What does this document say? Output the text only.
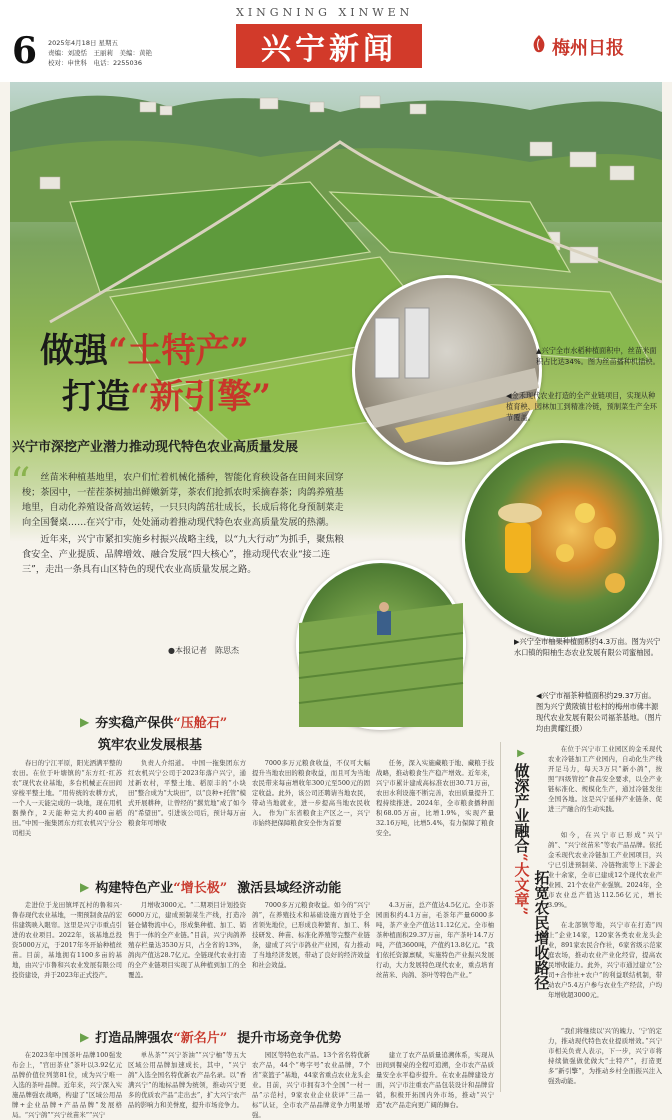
XINGNING XINWEN
6 2025年4月18日 星期五
责编：刘凌恬　王丽莉　美编：黄艳
校对：申世科　电话：2255036	兴宁新闻	梅州日报
做强“土特产”
打造“新引擎”
兴宁市深挖产业潜力推动现代特色农业高质量发展
“	丝苗米种植基地里，农户们忙着机械化播种，智能化育秧设备在田间来回穿梭；茶园中，一茬茬茶树抽出鲜嫩新芽，茶农们抢抓农时采摘春茶；肉鸽养殖基地里，自动化养殖设备高效运转，一只只肉鸽茁壮成长，长成后将化身预制菜走向全国餐桌……在兴宁市，处处涌动着推动现代特色农业高质量发展的热潮。

近年来，兴宁市紧扣实施乡村振兴战略主线，以“九大行动”为抓手，聚焦粮食安全、产业提质、品牌增效、融合发展“四大核心”，推动现代农业“接二连三”，走出一条具有山区特色的现代农业高质量发展之路。

●本报记者　陈思杰
▲兴宁全市水稻种植面积中，丝苗米面积占比达34%。图为丝苗播种机插秧。
◀金禾现代农业打造的全产业链项目，实现从种植育秧、园林加工到精准冷链，预制菜生产全环节覆盖。
▶兴宁全市柚果种植面积约4.3万亩。图为兴宁水口镇的阳柚生态农业发展有限公司蜜柚园。
◀兴宁市福茶种植面积约29.37万亩。图为兴宁黄陂镇甘松村的梅州市佛丰源现代农业发展有限公司福茶基地。（图片均由黄耀红摄）
▶ 夯实稳产保供 “压舱石”
筑牢农业发展根基

春日的宁江平原，阳光洒满平整的农田。在位于叶塘镇的“东方红·红苏农”现代农业基地，多台机械正在田间穿梭平整土地。“用传统的农耕方式，一个人一天能完成的一块地，现在用机器操作，2天能种完大约400亩稻田。”中国一拖集团东方红农机兴宁分公司相关

负责人介绍道。　中国一拖集团东方红农机兴宁公司于2023年落户兴宁，通过新农村，平整土地、稻原丰的“小块田”整合成为“大块田”，以“良种+托管”模式开展耕种，让曾经的“撂荒地”成了如今的“希望田”。引进该公司后，预计每万亩粮食年可增收

7000多万元粮食收益，不仅可大幅提升当地农田的粮食收益，而且可为当地农民带来每亩增收年300元至500元的固定收益。此外，该公司还聘请当地农民，带动当地就业，进一步提高当地农民收入。　作为广东省粮食主产区之一，兴宁市始终把保障粮食安全作为首要

任务，深入实施藏粮于地、藏粮于技战略，推动粮食生产稳产增效。近年来，兴宁市累计建成高标准农田30.71万亩，农田水利设施不断完善，农田质量提升工程持续推进。2024年，全市粮食播种面积68.05万亩，比增1.9%，实现产量32.16万吨，比增5.4%，有力保障了粮食安全。

▶ 构建特色产业 “增长极” 激活县域经济动能

走进位于龙田镇坪瓦村的鲁和兴·鲁春现代农业基地，一期预制食品的宏伟建筑映入眼帘。这里是兴宁市重点引进的农业项目。2022年，该基地总投资5000万元，于2017年冬开始种植丝苗。目前，基地拥有1100多亩的基地，由兴宁市鲁和兴农业发展有限公司投资建设，并于2023年正式投产。

月增收3000元。“二期项目计划投资6000万元，建成预制菜生产线，打造冷链仓储物流中心，形成集种植、加工、销售于一体的全产业链。”目前，兴宁肉鸽养殖存栏量达3530万只，占全省的13%，鸽肉产值达28.7亿元。全链现代农业打造的全产业链项目实现了从种植到加工的全覆盖。

7000多万元粮食收益。如今的“兴宁鸽”，在养殖技术和基础设施方面处于全省领先地位，已形成良种繁育、加工、科技研发、种苗、标准化养殖等完整产业链条，建成了兴宁市鸽业产业园，有力推动了当地经济发展，带动了良好的经济效益和社会效益。

4.3万亩，总产值达4.5亿元。全市茶园面积约4.1万亩，毛茶年产量6000多吨，茶产业全产值达11.12亿元。全市柚茶种植面积29.37万亩，年产茶叶14.7万吨，产值3600吨，产值约13.8亿元。“我们依托资源禀赋，实施特色产业振兴发展行动，大力发展特色现代农业，重点培育丝苗米、肉鸽、茶叶等特色产业。”

▶ 打造品牌强农 “新名片” 提升市场竞争优势

在2023年中国茶叶品牌100强发布会上，“官田茶业”茶叶以3.92亿元品牌价值位列第81位，成为兴宁唯一入选的茶叶品牌。近年来，兴宁深入实施品牌强农战略，构建了“区域公用品牌+企业品牌+产品品牌”发展格局。“兴宁鸽”“兴宁丝苗米”“兴宁

单丛茶”“兴宁茶油”“兴宁柚”等五大区域公用品牌加速成长，其中，“兴宁鸽”入选全国名特优新农产品名录。以“香满兴宁”的地标品牌为统领，推动兴宁更多的优质农产品“走出去”，扩大兴宁农产品的影响力和美誉度，提升市场竞争力。

园区等特色农产品。13个省名特优新农产品，44个“粤字号”农业品牌，7个省“菜篮子”基地，44家省重点农业龙头企业。目前，兴宁市拥有3个全国“一村一品”示范村，9家农业企业获评“三品一标”认证，全市农产品品牌竞争力明显增强。

建立了农产品质量追溯体系，实现从田间到餐桌的全程可追溯，全市农产品质量安全水平稳步提升。在农业品牌建设方面，兴宁市注重农产品包装设计和品牌营销，积极开拓国内外市场，推动“兴宁造”农产品走向更广阔的舞台。

▶
做深产业融合
“大文章” 拓宽农民增收路径

在位于兴宁市工业园区的金禾现代农业冷链加工产业园内，自动化生产线开足马力，每天3万只“新小鸽”，按照“四级管控”食品安全要求，以全产业链标准化、规模化生产，通过冷链发往全国各地。这是兴宁延伸产业链条、促进三产融合的生动实践。

如今，在兴宁市已形成“兴宁鸽”、“兴宁丝苗米”等农产品品牌。依托金禾现代农业冷链加工产业园项目，兴宁已引进预制菜、冷链物流等上下游企业十余家，全市已建成12个现代农业产业园、21个农业产业强镇。2024年，全市农业总产值达112.56亿元，增长3.9%。

在北部镇等地，兴宁市在打造“四上”企业14家，120家各类农业龙头企业，891家农民合作社，6家省级示范家庭农场，推动农业产业化经营，提高农民增收能力。此外，兴宁市通过建立“公司+合作社+农户”的利益联结机制，带动农户5.4万户参与农业生产经营，户均年增收超3000元。

“我们将继续以‘兴’的魄力、‘宁’的定力，推动现代特色农业提质增效。”兴宁市相关负责人表示，下一步，兴宁市将持续做强做优做大“土特产”，打造更多“新引擎”，为推动乡村全面振兴注入强劲动能。
